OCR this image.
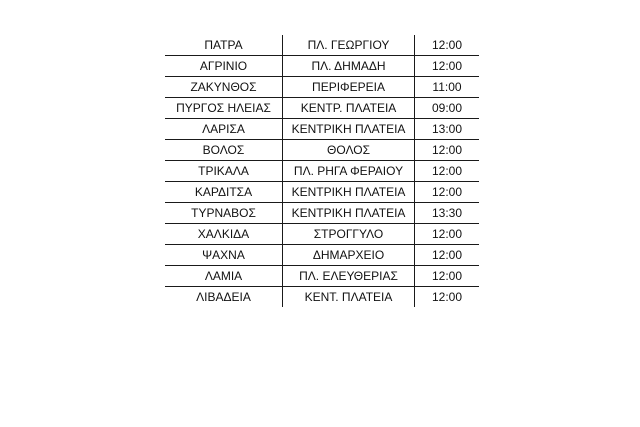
ΠΑΤΡΑ	ΠΛ. ΓΕΩΡΓΙΟΥ	12:00
ΑΓΡΙΝΙΟ	ΠΛ. ΔΗΜΑΔΗ	12:00
ΖΑΚΥΝΘΟΣ	ΠΕΡΙΦΕΡΕΙΑ	11:00
ΠΥΡΓΟΣ ΗΛΕΙΑΣ	ΚΕΝΤΡ. ΠΛΑΤΕΙΑ	09:00
ΛΑΡΙΣΑ	ΚΕΝΤΡΙΚΗ ΠΛΑΤΕΙΑ	13:00
ΒΟΛΟΣ	ΘΟΛΟΣ	12:00
ΤΡΙΚΑΛΑ	ΠΛ. ΡΗΓΑ ΦΕΡΑΙΟΥ	12:00
ΚΑΡΔΙΤΣΑ	ΚΕΝΤΡΙΚΗ ΠΛΑΤΕΙΑ	12:00
ΤΥΡΝΑΒΟΣ	ΚΕΝΤΡΙΚΗ ΠΛΑΤΕΙΑ	13:30
ΧΑΛΚΙΔΑ	ΣΤΡΟΓΓΥΛΟ	12:00
ΨΑΧΝΑ	ΔΗΜΑΡΧΕΙΟ	12:00
ΛΑΜΙΑ	ΠΛ. ΕΛΕΥΘΕΡΙΑΣ	12:00
ΛΙΒΑΔΕΙΑ	ΚΕΝΤ. ΠΛΑΤΕΙΑ	12:00
